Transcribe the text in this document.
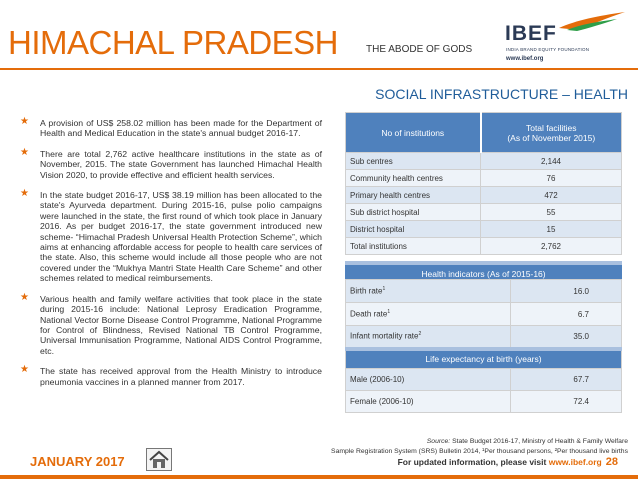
HIMACHAL PRADESH	THE ABODE OF GODS
IBEF
INDIA BRAND EQUITY FOUNDATION
www.ibef.org
SOCIAL INFRASTRUCTURE – HEALTH
★ A provision of US$ 258.02 million has been made for the Department of Health and Medical Education in the state's annual budget 2016-17.
★ There are total 2,762 active healthcare institutions in the state as of November, 2015. The state Government has launched Himachal Health Vision 2020, to provide effective and efficient health services.
★ In the state budget 2016-17, US$ 38.19 million has been allocated to the state's Ayurveda department. During 2015-16, pulse polio campaigns were launched in the state, the first round of which took place in January 2016. As per budget 2016-17, the state government introduced new scheme- “Himachal Pradesh Universal Health Protection Scheme”, which aims at enhancing affordable access for people to health care services of the state. Also, this scheme would include all those people who are not covered under the “Mukhya Mantri State Health Care Scheme” and other schemes related to medical reimbursements.
★ Various health and family welfare activities that took place in the state during 2015-16 include: National Leprosy Eradication Programme, National Vector Borne Disease Control Programme, National Programme for Control of Blindness, Revised National TB Control Programme, Universal Immunisation Programme, National AIDS Control Programme, etc.
★ The state has received approval from the Health Ministry to introduce pneumonia vaccines in a planned manner from 2017.
No of institutions	Total facilities
(As of November 2015)
Sub centres	2,144
Community health centres	76
Primary health centres	472
Sub district hospital	55
District hospital	15
Total institutions	2,762
Health indicators (As of 2015-16)
Birth rate$^1$	16.0
Death rate$^1$	6.7
Infant mortality rate$^2$	35.0
Life expectancy at birth (years)	
Male (2006-10)	67.7
Female (2006-10)	72.4
Source: State Budget 2016-17, Ministry of Health & Family Welfare
Sample Registration System (SRS) Bulletin 2014, ¹Per thousand persons, ²Per thousand live births
JANUARY 2017	For updated information, please visit www.ibef.org 28
